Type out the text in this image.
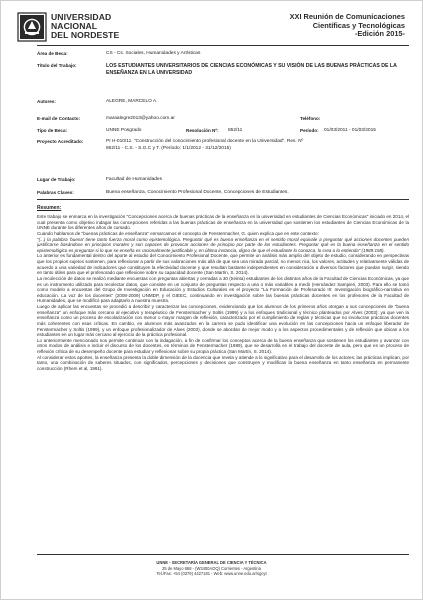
UNIVERSIDAD
NACIONAL
DEL NORDESTE
XXI Reunión de Comunicaciones
Científicas y Tecnológicas
-Edición 2015-
Área de Beca:	CS - Cs. Sociales, Humanidades y Artísticas
Título del Trabajo:	LOS ESTUDIANTES UNIVERSITARIOS DE CIENCIAS ECONÓMICAS Y SU VISIÓN DE LAS BUENAS PRÁCTICAS DE LA ENSEÑANZA EN LA UNIVERSIDAD
Autores:	ALEGRE, MARCELO A.
E-mail de Contacto:	maraalegre2013@yahoo.com.ar	Teléfono:
Tipo de Beca:	UNNE Posgrado	Resolución Nº: 852/11	Período: 01/03/2011 - 01/03/2015
Proyecto Acreditado:	PI H-010/11. "Construcción del conocimiento profesional docente en la Universidad". Res. Nº
862/11 - C.S. - S.G.C y T. (Período: 1/1/2012 - 31/12/2015)
Lugar de Trabajo:	Facultad de Humanidades
Palabras Claves:	Buena enseñanza, Conocimiento Profesional Docente, Concepciones de Estudiantes.
Resumen:

Este trabajo se enmarca en la investigación "Concepciones acerca de buenas prácticas de la enseñanza en la universidad en estudiantes de Ciencias Económicas" iniciado en 2014, el cual presenta como objetivo indagar las concepciones referidas a las buenas prácticas de enseñanza en la universidad que sostienen los estudiantes de Ciencias Económicas de la UNNE durante los diferentes años de cursado.

Cuando hablamos de "buenas prácticas de enseñanza" enmarcamos el concepto de Fenstermacher, G. quien explica que en este contexto:

"(...) la palabra 'buena' tiene tanto fuerza moral como epistemológica. Preguntar qué es buena enseñanza en el sentido moral equivale a preguntar qué acciones docentes pueden justificarse basándose en principios morales y son capaces de provocar acciones de principio por parte de los estudiantes. Preguntar qué es la buena enseñanza en el sentido epistemológico es preguntar si lo que se enseña es racionalmente justificable y, en última instancia, digno de que el estudiante lo conozca, lo crea o lo entienda" (1989:158).

Lo anterior es fundamental dentro del aporte al estudio del Conocimiento Profesional Docente, que permite un análisis más amplio del objeto de estudio, considerando en perspectivas que los propios sujetos sostienen, para reflexionar a partir de sus valoraciones más allá de que sea una mirada parcial, no menos rica, los valores, actitudes y relativamente válidas de acuerdo a una variedad de indicadores que constituyen la efectividad docente y que resultan bastante independientes en consideración a diversos factores que puedan surgir, siendo en tanto útiles para que el profesorado que reflexione sobre su capacidad docente (San Martín, S. 2014).

La recolección de datos se realizó mediante encuestas con preguntas abiertas y cerradas a 30 (treinta) estudiantes de los distintos años de la Facultad de Ciencias Económicas, ya que es un instrumento utilizado para recolectar datos, que consiste en un conjunto de preguntas respecto a una o más variables a medir (Hernández Sampieri, 2003). Para ello se tomó como modelo a encuestas del Grupo de Investigación en Educación y Estudios Culturales en el proyecto "La Formación de Profesorado III: Investigación biográfico-narrativa en educación. La voz de los docentes" (2008-2009) UNMDP, y el GIEEC, continuando en investigación sobre las buenas prácticas docentes en los profesores de la Facultad de Humanidades, que se modificó para adaptarlo a nuestra muestra.

Luego de aplicar las encuestas se procedió a describir y caracterizar las concepciones, evidenciando que los alumnos de los primeros años otorgan a sus concepciones de "buena enseñanza" un enfoque más cercano al ejecutivo y terapéutico de Fenstermacher y Soltis (1999) y a los enfoques tradicional y técnico planteados por Alves (2003); ya que ven la enseñanza como un proceso de escolarización con menor o mayor margen de reflexión, caracterizado por el cumplimiento de reglas y técnicas que no involucran prácticas docentes más coherentes con esas críticas. En cambio, en alumnos más avanzados en la carrera se pudo identificar una evolución en las concepciones hacia un enfoque liberador de Fenstermacher y Soltis (1999), y un enfoque profesionalizador de Alves (2003), donde se abordan de mejor modo y a los aspectos procedimentales y de reflexión que ubican a los estudiantes en un lugar más cercano al ejercicio de la práctica profesional.

Lo anteriormente mencionado nos permite continuar con la indagación, a fin de confirmar los conceptos acerca de la buena enseñanza que sostienen los estudiantes y avanzar con otros modos de análisis e incluir el discurso de los docentes, en términos de Fenstermacher (1989), que se desarrolla en el trabajo del docente de aula, pero que es un proceso de reflexión crítica de su desempeño docente para estudiar y reflexionar sobre su propia práctica (San Martín, S. 2014).

Al considerar estos aportes, la enseñanza presenta la doble dimensión de la docencia que revela y atiende a lo significativo para el desarrollo de los actores; las prácticas implican, por tanto, una combinación de saberes situados, con significados, percepciones y decisiones que construyen y modifican la buena enseñanza en tanto enseñanza en permanente construcción (Rhem et al, 1991).

UNNE - SECRETARÍA GENERAL DE CIENCIA Y TÉCNICA
25 de Mayo 868 - (W3400AOQ) Corrientes - Argentina
Tel./Fax: +54 (0379) 4427181 - Web: www.unne.edu.ar/sgcyt
